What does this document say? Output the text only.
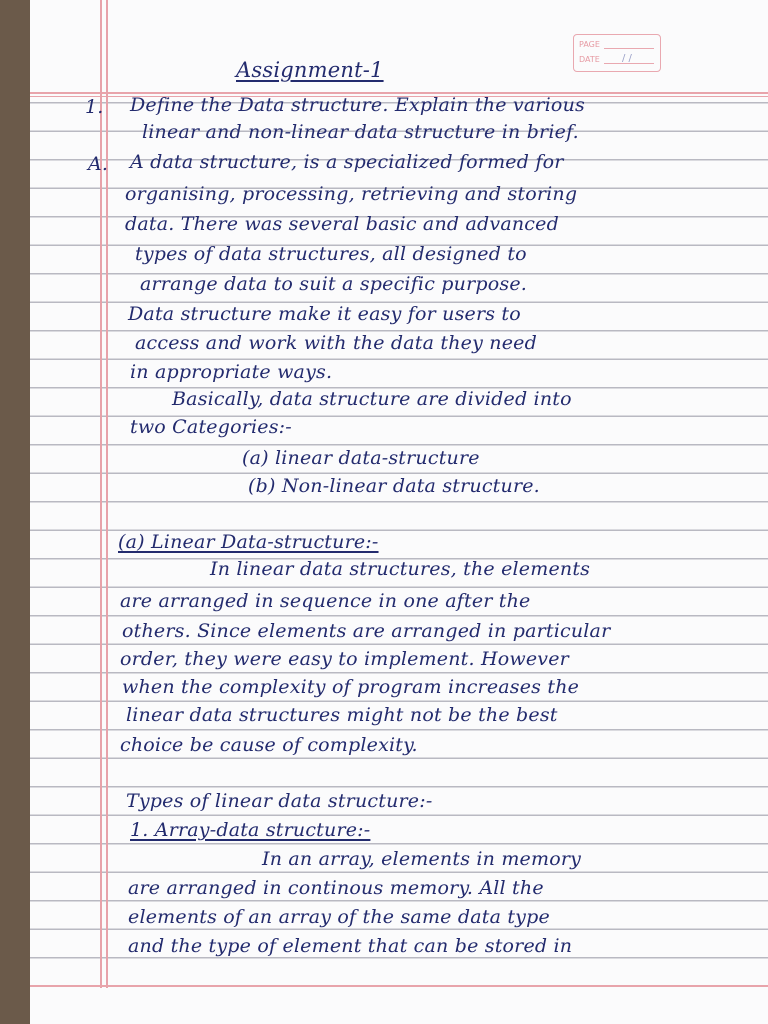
PAGE
DATE / /
Assignment-1
1. Define the Data structure. Explain the various
linear and non-linear data structure in brief.
A. A data structure, is a specialized formed for
organising, processing, retrieving and storing
data. There was several basic and advanced
types of data structures, all designed to
arrange data to suit a specific purpose.
Data structure make it easy for users to
access and work with the data they need
in appropriate ways.
Basically, data structure are divided into
two Categories:-
(a) linear data-structure
(b) Non-linear data structure.
(a) Linear Data-structure:-
In linear data structures, the elements
are arranged in sequence in one after the
others. Since elements are arranged in particular
order, they were easy to implement. However
when the complexity of program increases the
linear data structures might not be the best
choice be cause of complexity.
Types of linear data structure:-
1. Array-data structure:-
In an array, elements in memory
are arranged in continous memory. All the
elements of an array of the same data type
and the type of element that can be stored in
